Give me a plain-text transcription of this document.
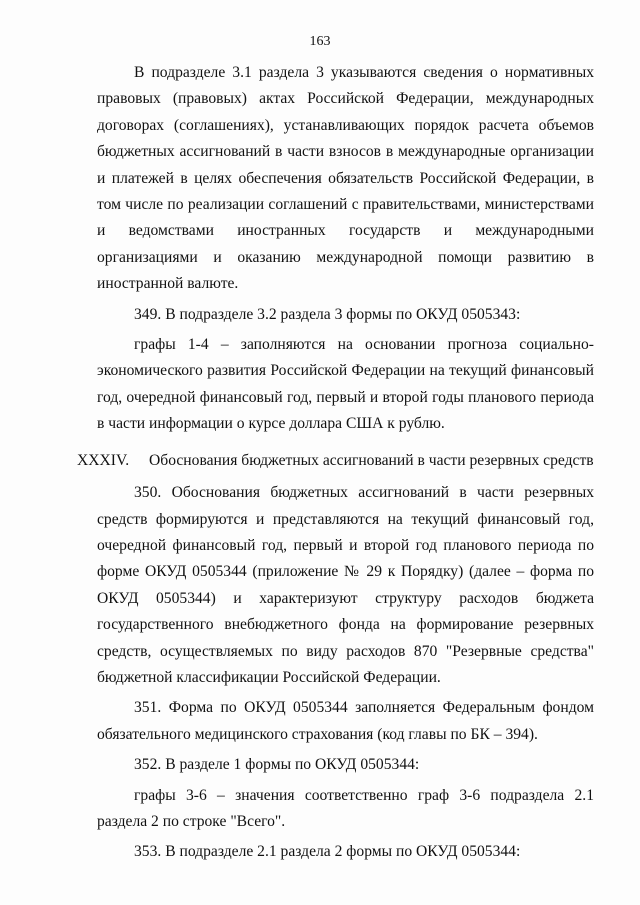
163

В подразделе 3.1 раздела 3 указываются сведения о нормативных правовых (правовых) актах Российской Федерации, международных договорах (соглашениях), устанавливающих порядок расчета объемов бюджетных ассигнований в части взносов в международные организации и платежей в целях обеспечения обязательств Российской Федерации, в том числе по реализации соглашений с правительствами, министерствами и ведомствами иностранных государств и международными организациями и оказанию международной помощи развитию в иностранной валюте.

349. В подразделе 3.2 раздела 3 формы по ОКУД 0505343:

графы 1-4 – заполняются на основании прогноза социально-экономического развития Российской Федерации на текущий финансовый год, очередной финансовый год, первый и второй годы планового периода в части информации о курсе доллара США к рублю.

XXXIV.	Обоснования бюджетных ассигнований в части резервных средств

350. Обоснования бюджетных ассигнований в части резервных средств формируются и представляются на текущий финансовый год, очередной финансовый год, первый и второй год планового периода по форме ОКУД 0505344 (приложение № 29 к Порядку) (далее – форма по ОКУД 0505344) и характеризуют структуру расходов бюджета государственного внебюджетного фонда на формирование резервных средств, осуществляемых по виду расходов 870 "Резервные средства" бюджетной классификации Российской Федерации.

351. Форма по ОКУД 0505344 заполняется Федеральным фондом обязательного медицинского страхования (код главы по БК – 394).

352. В разделе 1 формы по ОКУД 0505344:

графы 3-6 – значения соответственно граф 3-6 подраздела 2.1 раздела 2 по строке "Всего".

353. В подразделе 2.1 раздела 2 формы по ОКУД 0505344:
